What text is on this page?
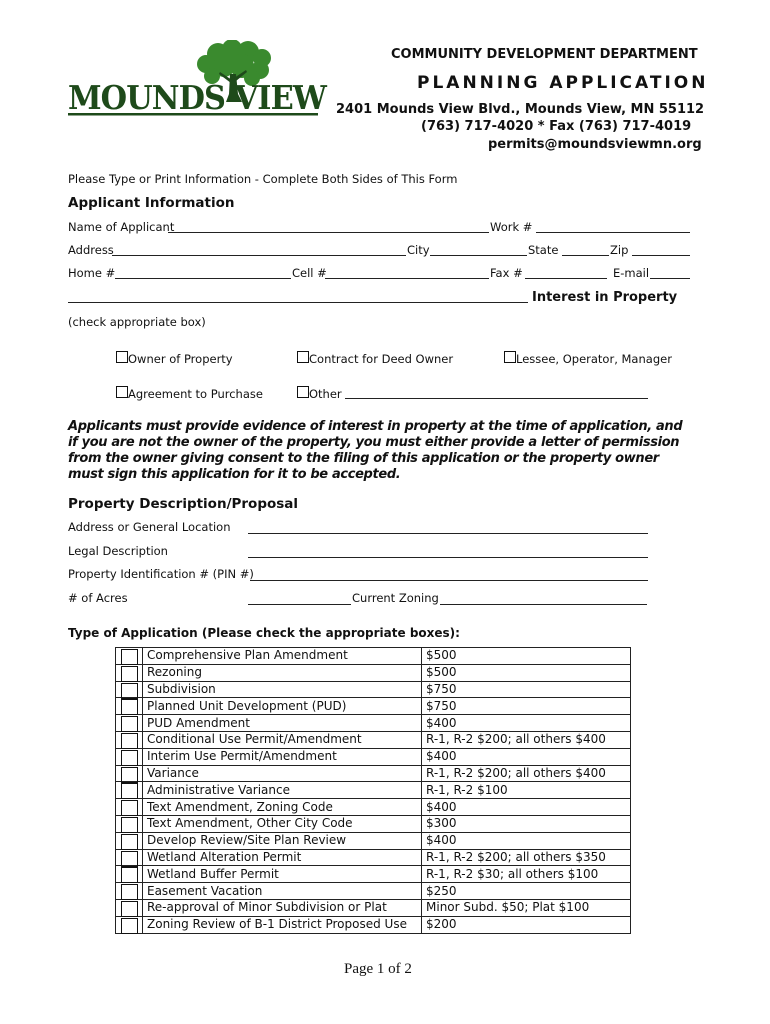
MOUNDS VIEW
COMMUNITY DEVELOPMENT DEPARTMENT
PLANNING APPLICATION
2401 Mounds View Blvd., Mounds View, MN 55112
(763) 717-4020 * Fax (763) 717-4019
permits@moundsviewmn.org
Please Type or Print Information - Complete Both Sides of This Form
Applicant Information
Name of Applicant	Work #
Address	City	State	Zip
Home #	Cell #	Fax #	E-mail
Interest in Property
(check appropriate box)
Owner of Property	Contract for Deed Owner	Lessee, Operator, Manager
Agreement to Purchase	Other
Applicants must provide evidence of interest in property at the time of application, and if you are not the owner of the property, you must either provide a letter of permission from the owner giving consent to the filing of this application or the property owner must sign this application for it to be accepted.
Property Description/Proposal
Address or General Location
Legal Description
Property Identification # (PIN #)
# of Acres	Current Zoning
Type of Application (Please check the appropriate boxes):
	Comprehensive Plan Amendment	$500

	Rezoning	$500

	Subdivision	$750

	Planned Unit Development (PUD)	$750

	PUD Amendment	$400

	Conditional Use Permit/Amendment	R-1, R-2 $200; all others $400

	Interim Use Permit/Amendment	$400

	Variance	R-1, R-2 $200; all others $400

	Administrative Variance	R-1, R-2 $100

	Text Amendment, Zoning Code	$400

	Text Amendment, Other City Code	$300

	Develop Review/Site Plan Review	$400

	Wetland Alteration Permit	R-1, R-2 $200; all others $350

	Wetland Buffer Permit	R-1, R-2 $30; all others $100

	Easement Vacation	$250

	Re-approval of Minor Subdivision or Plat	Minor Subd. $50; Plat $100

	Zoning Review of B-1 District Proposed Use	$200
Page 1 of 2
